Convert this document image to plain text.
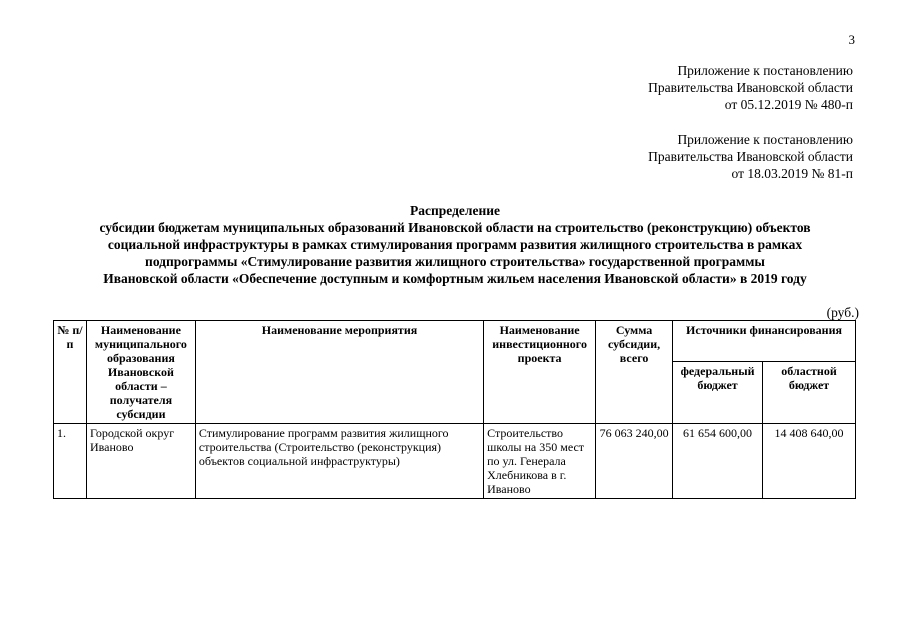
3
Приложение к постановлению
Правительства Ивановской области
от 05.12.2019 № 480-п
Приложение к постановлению
Правительства Ивановской области
от 18.03.2019 № 81-п
Распределение
субсидии бюджетам муниципальных образований Ивановской области на строительство (реконструкцию) объектов
социальной инфраструктуры в рамках стимулирования программ развития жилищного строительства в рамках
подпрограммы «Стимулирование развития жилищного строительства» государственной программы
Ивановской области «Обеспечение доступным и комфортным жильем населения Ивановской области» в 2019 году
(руб.)
№ п/п	Наименование муниципального образования Ивановской области – получателя субсидии	Наименование мероприятия	Наименование инвестиционного проекта	Сумма субсидии, всего	Источники финансирования	
					федеральный бюджет	областной бюджет
1.	Городской округ Иваново	Стимулирование программ развития жилищного строительства (Строительство (реконструкция) объектов социальной инфраструктуры)	Строительство школы на 350 мест по ул. Генерала Хлебникова в г. Иваново	76 063 240,00	61 654 600,00	14 408 640,00
